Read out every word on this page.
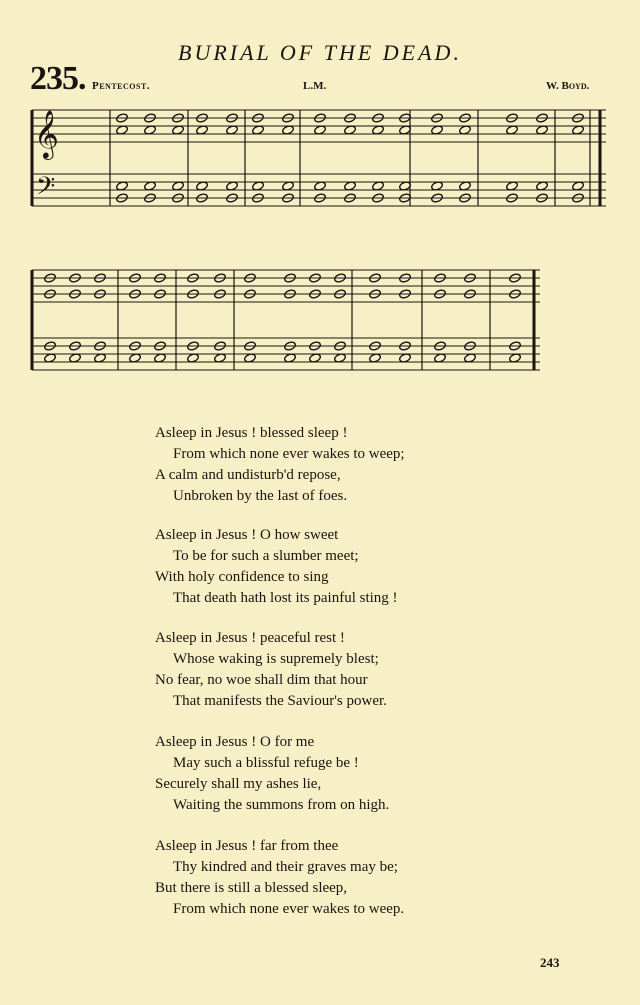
BURIAL OF THE DEAD.
235. Pentecost.	L.M.	W. Boyd.
𝄞
𝄢
Asleep in Jesus ! blessed sleep !
From which none ever wakes to weep;
A calm and undisturb'd repose,
Unbroken by the last of foes.
Asleep in Jesus ! O how sweet
To be for such a slumber meet;
With holy confidence to sing
That death hath lost its painful sting !
Asleep in Jesus ! peaceful rest !
Whose waking is supremely blest;
No fear, no woe shall dim that hour
That manifests the Saviour's power.
Asleep in Jesus ! O for me
May such a blissful refuge be !
Securely shall my ashes lie,
Waiting the summons from on high.
Asleep in Jesus ! far from thee
Thy kindred and their graves may be;
But there is still a blessed sleep,
From which none ever wakes to weep.
243
